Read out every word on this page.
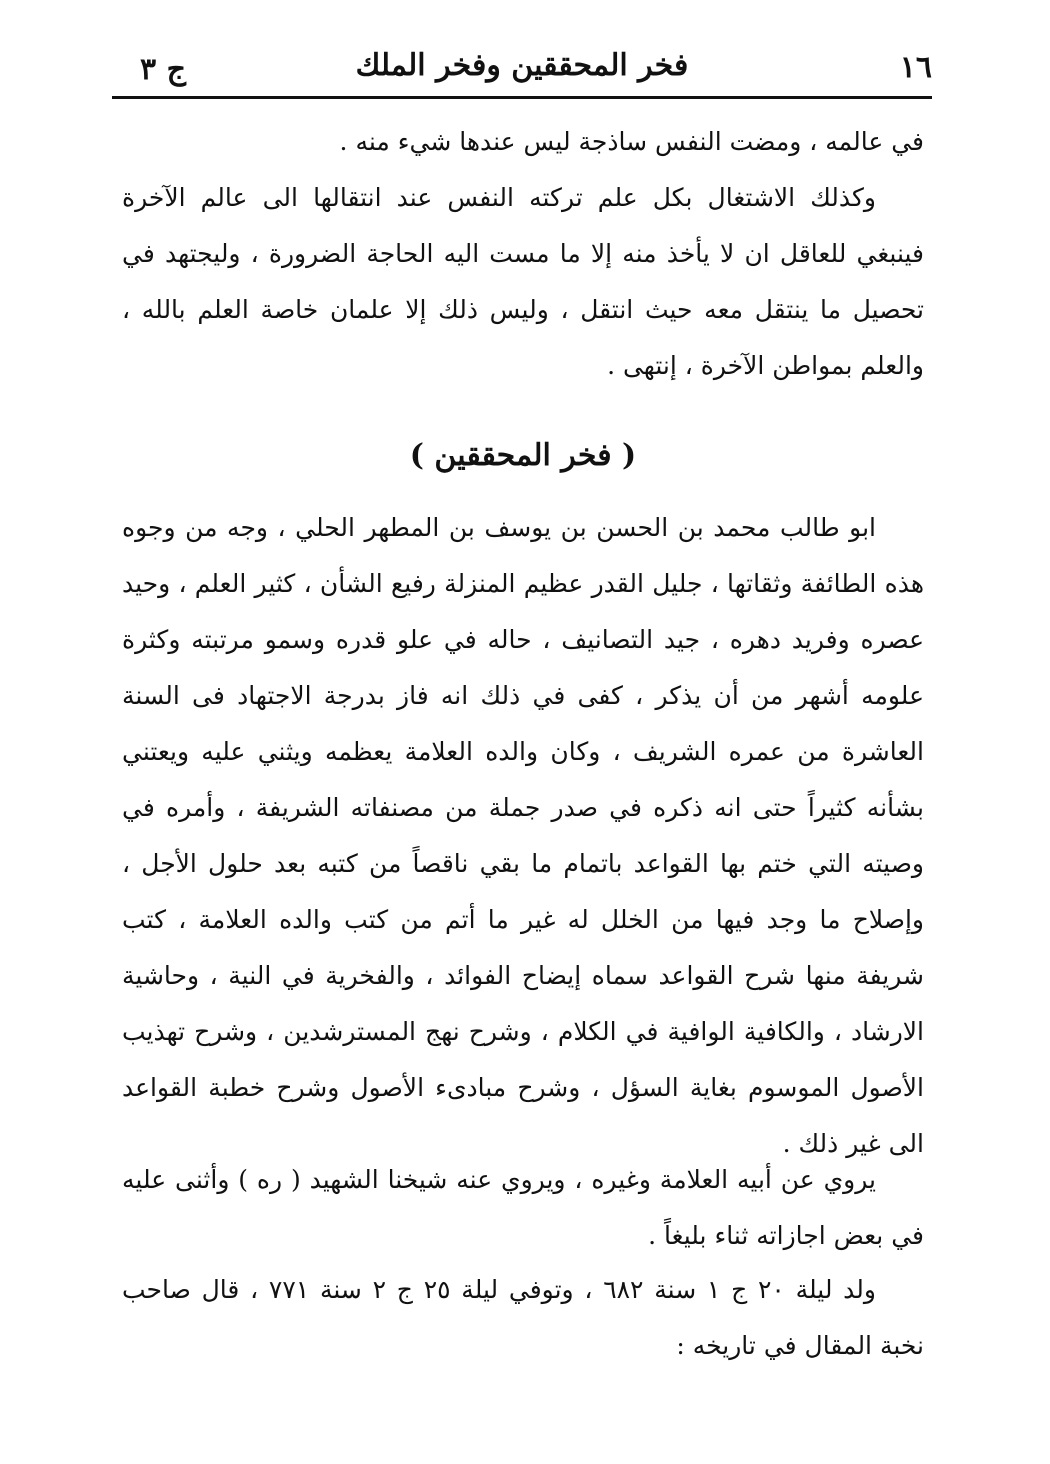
١٦
فخر المحققين وفخر الملك
ج ٣

في عالمه ، ومضت النفس ساذجة ليس عندها شيء منه .

وكذلك الاشتغال بكل علم تركته النفس عند انتقالها الى عالم الآخرة فينبغي للعاقل ان لا يأخذ منه إلا ما مست اليه الحاجة الضرورة ، وليجتهد في تحصيل ما ينتقل معه حيث انتقل ، وليس ذلك إلا علمان خاصة العلم بالله ، والعلم بمواطن الآخرة ، إنتهى .

( فخر المحققين )

ابو طالب محمد بن الحسن بن يوسف بن المطهر الحلي ، وجه من وجوه هذه الطائفة وثقاتها ، جليل القدر عظيم المنزلة رفيع الشأن ، كثير العلم ، وحيد عصره وفريد دهره ، جيد التصانيف ، حاله في علو قدره وسمو مرتبته وكثرة علومه أشهر من أن يذكر ، كفى في ذلك انه فاز بدرجة الاجتهاد فى السنة العاشرة من عمره الشريف ، وكان والده العلامة يعظمه ويثني عليه ويعتني بشأنه كثيراً حتى انه ذكره في صدر جملة من مصنفاته الشريفة ، وأمره في وصيته التي ختم بها القواعد باتمام ما بقي ناقصاً من كتبه بعد حلول الأجل ، وإصلاح ما وجد فيها من الخلل له غير ما أتم من كتب والده العلامة ، كتب شريفة منها شرح القواعد سماه إيضاح الفوائد ، والفخرية في النية ، وحاشية الارشاد ، والكافية الوافية في الكلام ، وشرح نهج المسترشدين ، وشرح تهذيب الأصول الموسوم بغاية السؤل ، وشرح مبادىء الأصول وشرح خطبة القواعد الى غير ذلك .

يروي عن أبيه العلامة وغيره ، ويروي عنه شيخنا الشهيد ( ره ) وأثنى عليه في بعض اجازاته ثناء بليغاً .

ولد ليلة ٢٠ ج ١ سنة ٦٨٢ ، وتوفي ليلة ٢٥ ج ٢ سنة ٧٧١ ، قال صاحب نخبة المقال في تاريخه :
